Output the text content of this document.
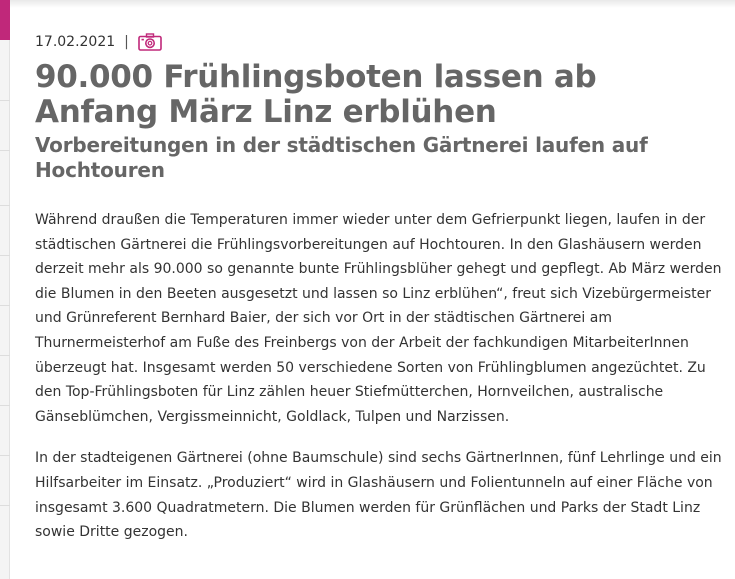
17.02.2021 |
90.000 Frühlingsboten lassen ab Anfang März Linz erblühen
Vorbereitungen in der städtischen Gärtnerei laufen auf Hochtouren

Während draußen die Temperaturen immer wieder unter dem Gefrierpunkt liegen, laufen in der städtischen Gärtnerei die Frühlingsvorbereitungen auf Hochtouren. In den Glashäusern werden derzeit mehr als 90.000 so genannte bunte Frühlingsblüher gehegt und gepflegt. Ab März werden die Blumen in den Beeten ausgesetzt und lassen so Linz erblühen“, freut sich Vizebürgermeister und Grünreferent Bernhard Baier, der sich vor Ort in der städtischen Gärtnerei am Thurnermeisterhof am Fuße des Freinbergs von der Arbeit der fachkundigen MitarbeiterInnen überzeugt hat. Insgesamt werden 50 verschiedene Sorten von Frühlingblumen angezüchtet. Zu den Top-Frühlingsboten für Linz zählen heuer Stiefmütterchen, Hornveilchen, australische Gänseblümchen, Vergissmeinnicht, Goldlack, Tulpen und Narzissen.

In der stadteigenen Gärtnerei (ohne Baumschule) sind sechs GärtnerInnen, fünf Lehrlinge und ein Hilfsarbeiter im Einsatz. „Produziert“ wird in Glashäusern und Folientunneln auf einer Fläche von insgesamt 3.600 Quadratmetern. Die Blumen werden für Grünflächen und Parks der Stadt Linz sowie Dritte gezogen.
